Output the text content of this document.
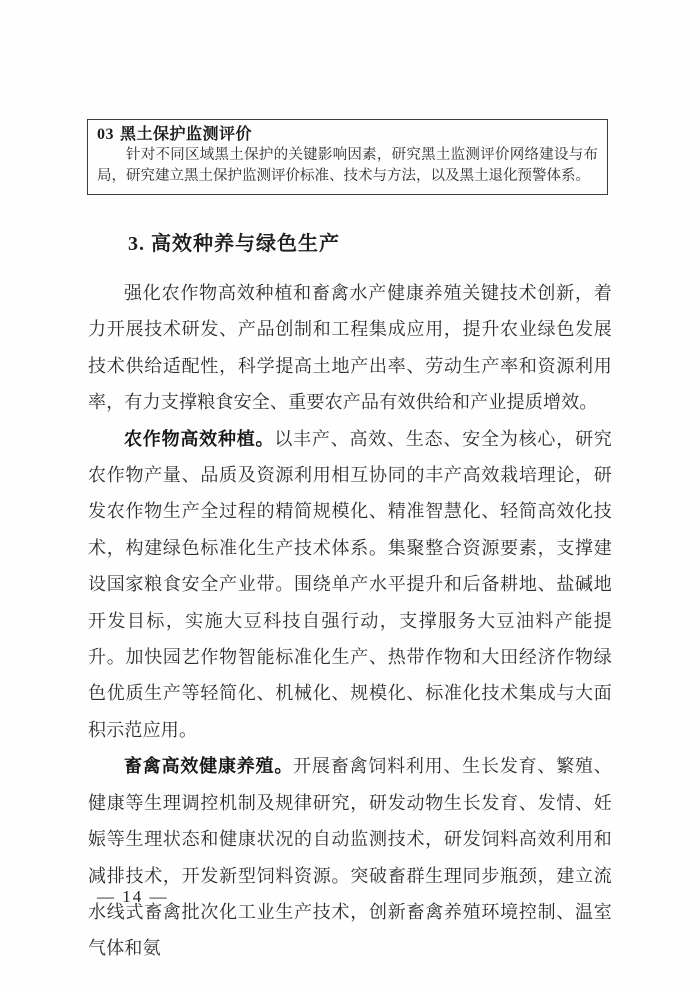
03 黑土保护监测评价

针对不同区域黑土保护的关键影响因素，研究黑土监测评价网络建设与布局，研究建立黑土保护监测评价标准、技术与方法，以及黑土退化预警体系。

3. 高效种养与绿色生产

强化农作物高效种植和畜禽水产健康养殖关键技术创新，着力开展技术研发、产品创制和工程集成应用，提升农业绿色发展技术供给适配性，科学提高土地产出率、劳动生产率和资源利用率，有力支撑粮食安全、重要农产品有效供给和产业提质增效。

农作物高效种植。以丰产、高效、生态、安全为核心，研究农作物产量、品质及资源利用相互协同的丰产高效栽培理论，研发农作物生产全过程的精简规模化、精准智慧化、轻简高效化技术，构建绿色标准化生产技术体系。集聚整合资源要素，支撑建设国家粮食安全产业带。围绕单产水平提升和后备耕地、盐碱地开发目标，实施大豆科技自强行动，支撑服务大豆油料产能提升。加快园艺作物智能标准化生产、热带作物和大田经济作物绿色优质生产等轻简化、机械化、规模化、标准化技术集成与大面积示范应用。

畜禽高效健康养殖。开展畜禽饲料利用、生长发育、繁殖、健康等生理调控机制及规律研究，研发动物生长发育、发情、妊娠等生理状态和健康状况的自动监测技术，研发饲料高效利用和减排技术，开发新型饲料资源。突破畜群生理同步瓶颈，建立流水线式畜禽批次化工业生产技术，创新畜禽养殖环境控制、温室气体和氨

— 14 —
